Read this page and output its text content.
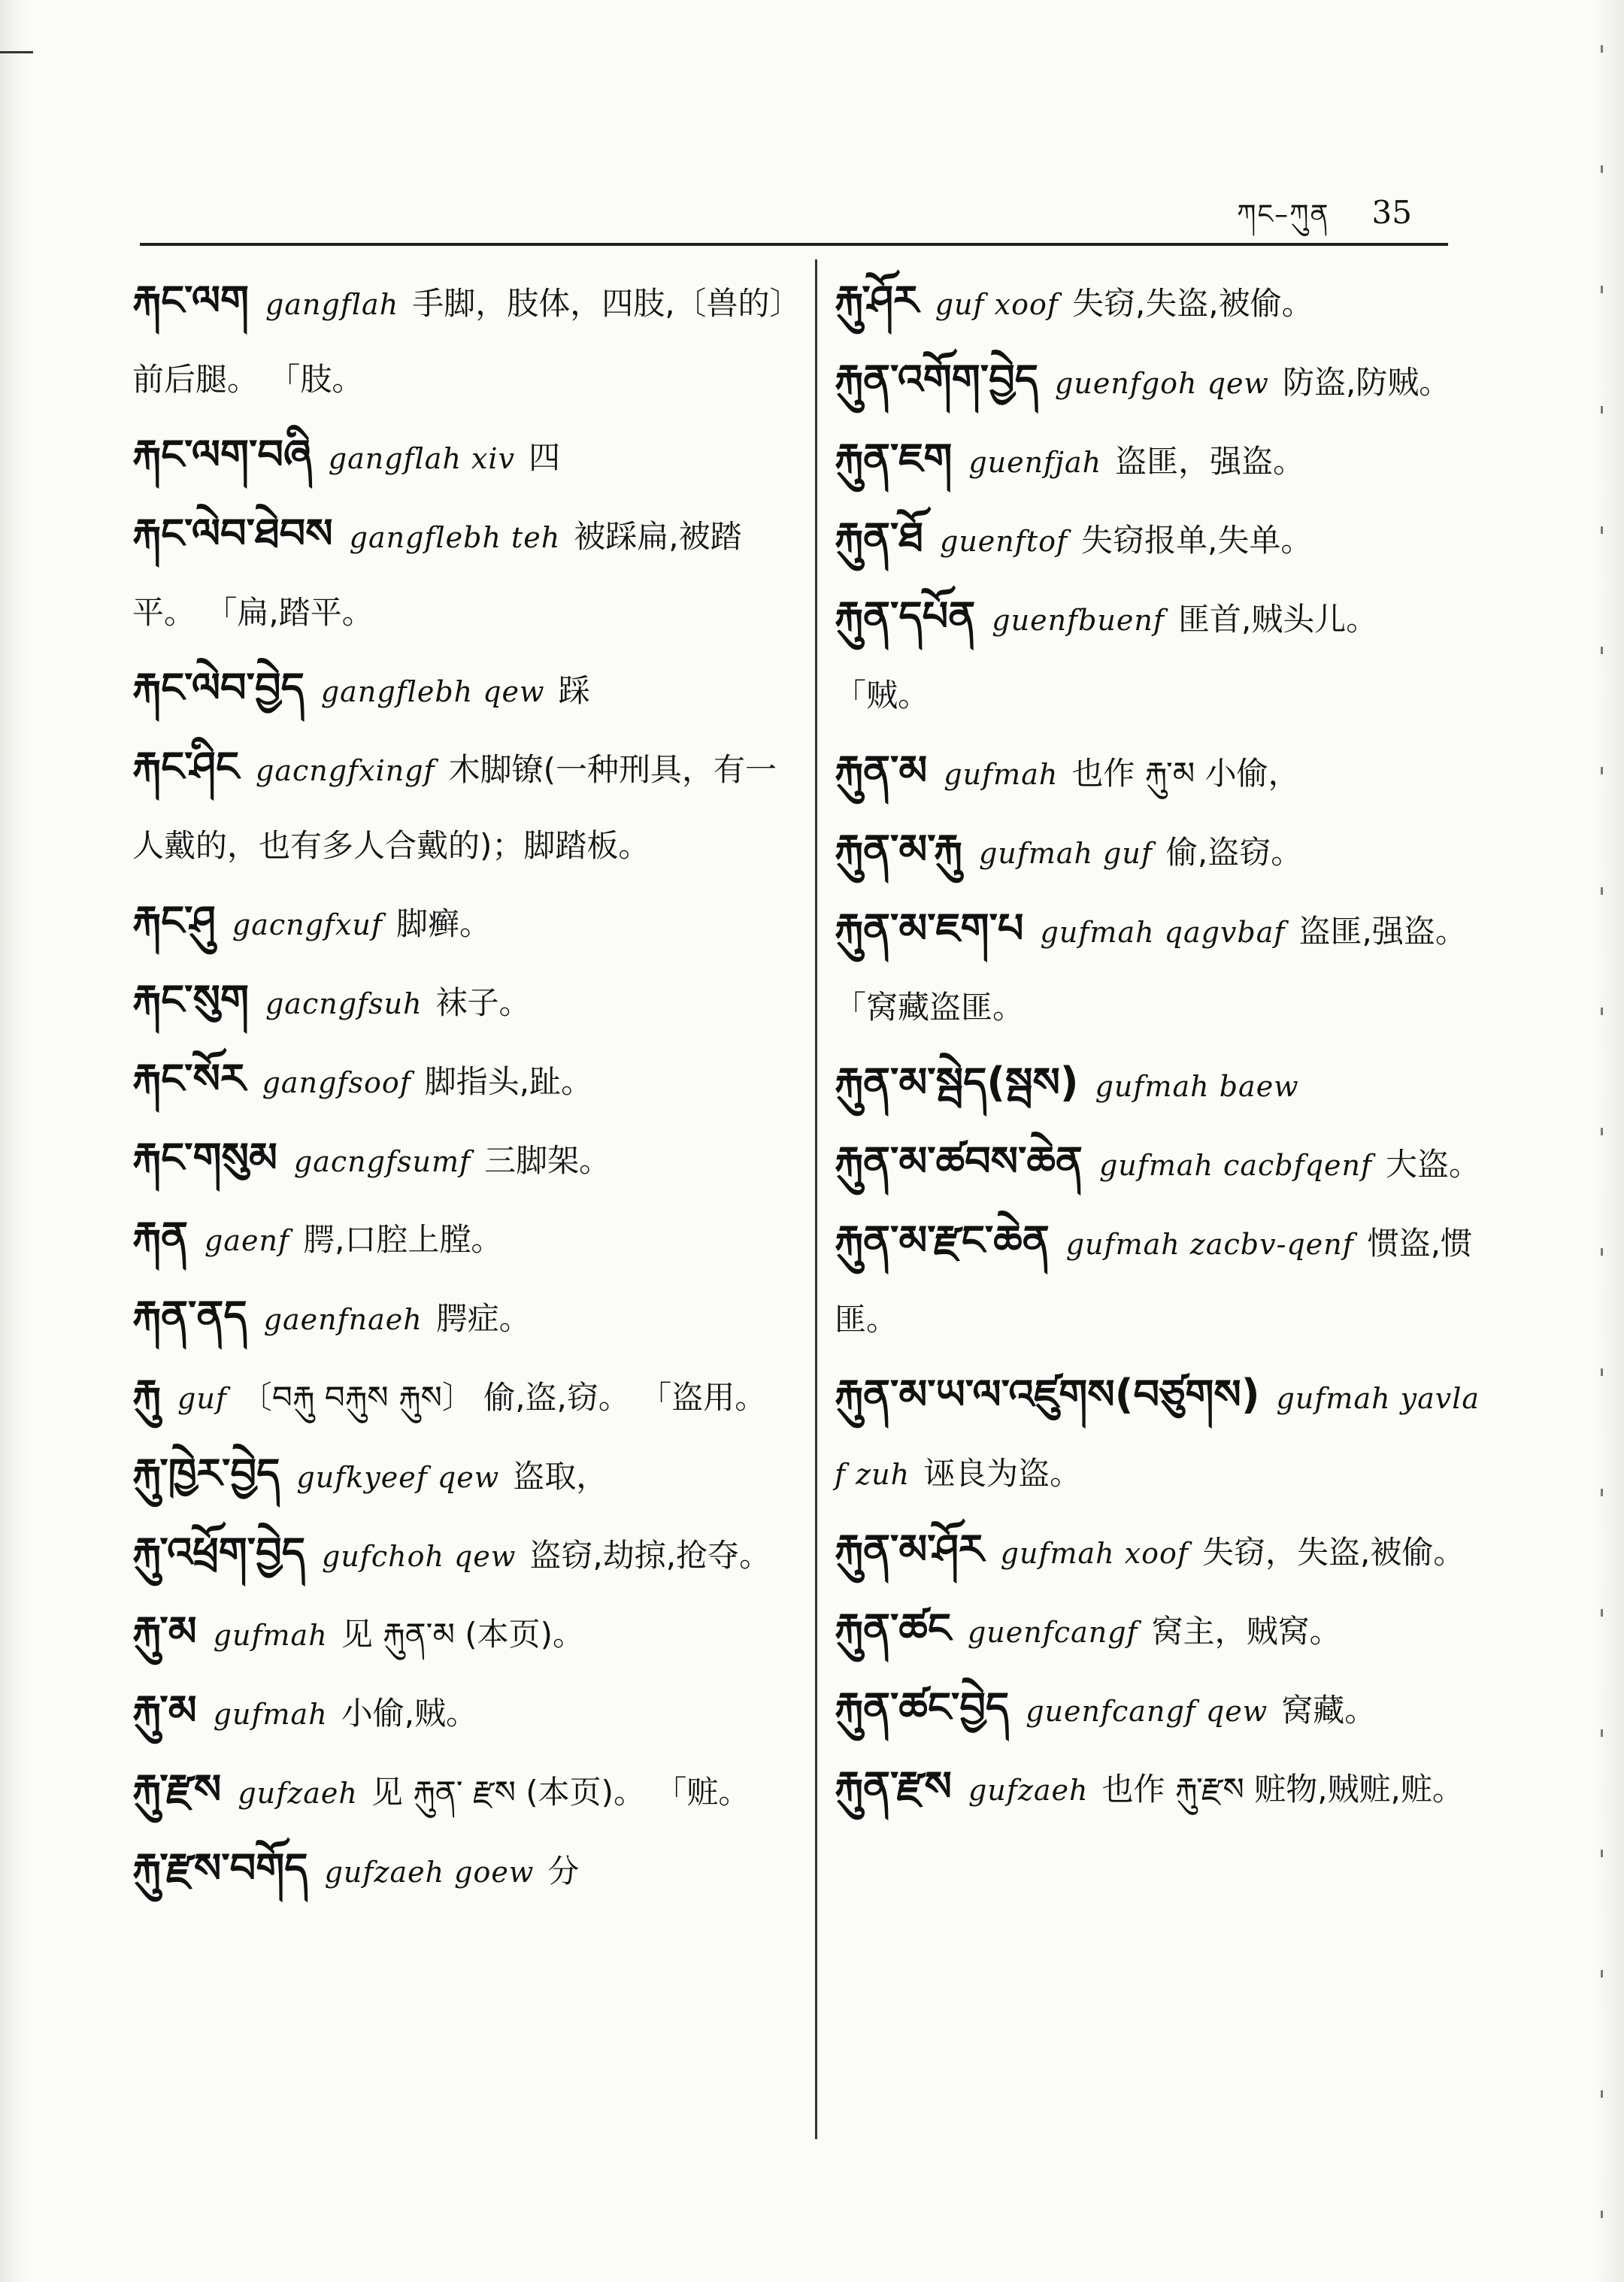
ཀང–ཀུན 35
རྐང་ལག gangflah 手脚，肢体，四肢,〔兽的〕前后腿。 「肢。
རྐང་ལག་བཞི gangflah xiv 四
རྐང་ལེབ་ཐེབས gangflebh teh 被踩扁,被踏平。 「扁,踏平。
རྐང་ལེབ་བྱེད gangflebh qew 踩
རྐང་ཤིང gacngfxingf 木脚镣(一种刑具，有一人戴的，也有多人合戴的)；脚踏板。
རྐང་ཤུ gacngfxuf 脚癣。
རྐང་སུག gacngfsuh 袜子。
རྐང་སོར gangfsoof 脚指头,趾。
རྐང་གསུམ gacngfsumf 三脚架。
རྐན gaenf 腭,口腔上膛。
རྐན་ནད gaenfnaeh 腭症。
རྐུ guf 〔བརྐུ བརྐུས རྐུས〕 偷,盗,窃。 「盗用。
རྐུ་ཁྱེར་བྱེད gufkyeef qew 盗取，
རྐུ་འཕྲོག་བྱེད gufchoh qew 盗窃,劫掠,抢夺。
རྐུ་མ gufmah 见 རྐུན་མ (本页)。
རྐུ་མ gufmah 小偷,贼。
རྐུ་རྫས gufzaeh 见 རྐུན་ རྫས (本页)。 「赃。
རྐུ་རྫས་བགོད gufzaeh goew 分
རྐུ་ཤོར guf xoof 失窃,失盗,被偷。
རྐུན་འགོག་བྱེད guenfgoh qew 防盗,防贼。
རྐུན་ཇག guenfjah 盗匪，强盗。
རྐུན་ཐོ guenftof 失窃报单,失单。
རྐུན་དཔོན guenfbuenf 匪首,贼头儿。 「贼。
རྐུན་མ gufmah 也作 རྐུ་མ 小偷，
རྐུན་མ་རྐུ gufmah guf 偷,盗窃。
རྐུན་མ་ཇག་པ gufmah qagvbaf 盗匪,强盗。 「窝藏盗匪。
རྐུན་མ་སྦེད(སྦས) gufmah baew
རྐུན་མ་ཚབས་ཆེན gufmah cacbfqenf 大盗。
རྐུན་མ་རྫང་ཆེན gufmah zacbv-qenf 惯盗,惯匪。
རྐུན་མ་ཡ་ལ་འཛུགས(བཙུགས) gufmah yavlaf zuh 诬良为盗。
རྐུན་མ་ཤོར gufmah xoof 失窃，失盗,被偷。
རྐུན་ཚང guenfcangf 窝主，贼窝。
རྐུན་ཚང་བྱེད guenfcangf qew 窝藏。
རྐུན་རྫས gufzaeh 也作 རྐུ་རྫས 赃物,贼赃,赃。
